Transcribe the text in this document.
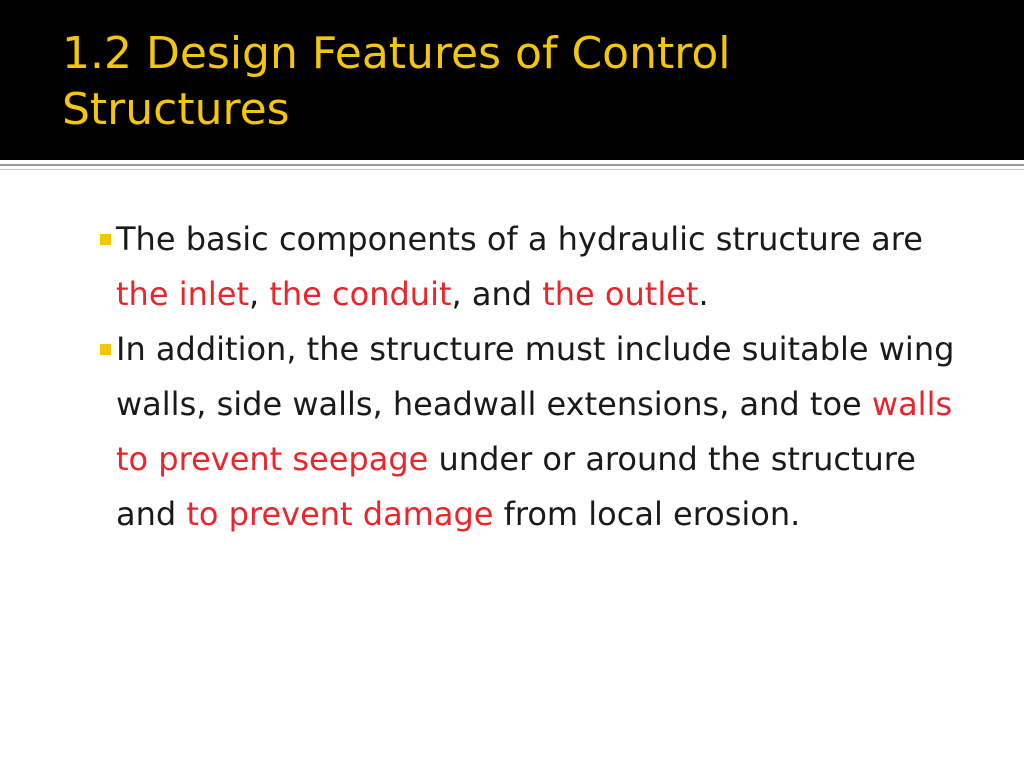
1.2 Design Features of Control Structures
The basic components of a hydraulic structure are the inlet, the conduit, and the outlet.
In addition, the structure must include suitable wing walls, side walls, headwall extensions, and toe walls to prevent seepage under or around the structure and to prevent damage from local erosion.
